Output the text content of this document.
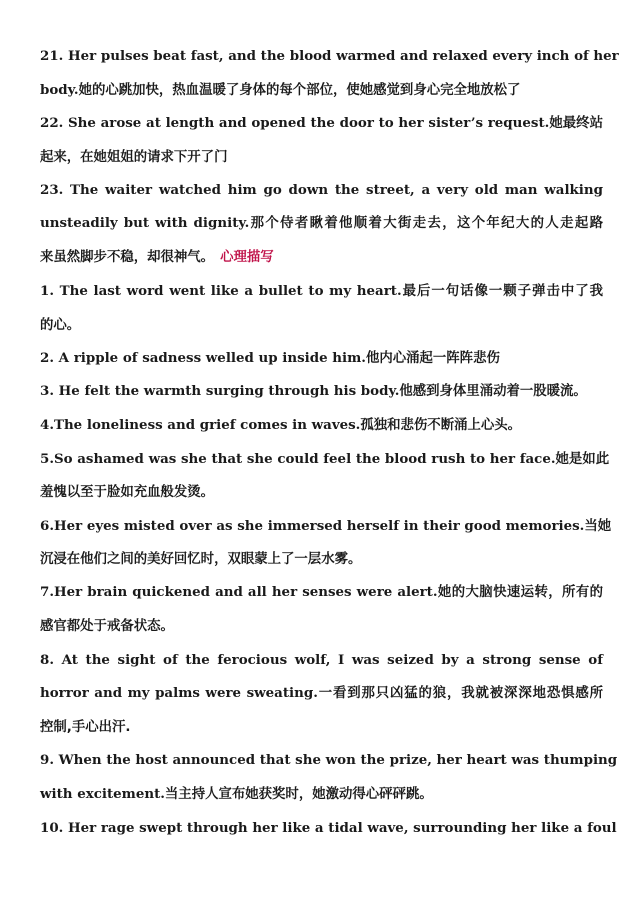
21. Her pulses beat fast, and the blood warmed and relaxed every inch of her
body.她的心跳加快，热血温暖了身体的每个部位，使她感觉到身心完全地放松了
22. She arose at length and opened the door to her sister’s request.她最终站
起来，在她姐姐的请求下开了门
23. The waiter watched him go down the street, a very old man walking
unsteadily but with dignity.那个侍者瞅着他顺着大街走去，这个年纪大的人走起路
来虽然脚步不稳，却很神气。 心理描写
1. The last word went like a bullet to my heart.最后一句话像一颗子弹击中了我
的心。
2. A ripple of sadness welled up inside him.他内心涌起一阵阵悲伤
3. He felt the warmth surging through his body.他感到身体里涌动着一股暖流。
4.The loneliness and grief comes in waves.孤独和悲伤不断涌上心头。
5.So ashamed was she that she could feel the blood rush to her face.她是如此
羞愧以至于脸如充血般发烫。
6.Her eyes misted over as she immersed herself in their good memories.当她
沉浸在他们之间的美好回忆时，双眼蒙上了一层水雾。
7.Her brain quickened and all her senses were alert.她的大脑快速运转，所有的
感官都处于戒备状态。
8. At the sight of the ferocious wolf, I was seized by a strong sense of
horror and my palms were sweating.一看到那只凶猛的狼，我就被深深地恐惧感所
控制,手心出汗.
9. When the host announced that she won the prize, her heart was thumping
with excitement.当主持人宣布她获奖时，她激动得心砰砰跳。
10. Her rage swept through her like a tidal wave, surrounding her like a foul
